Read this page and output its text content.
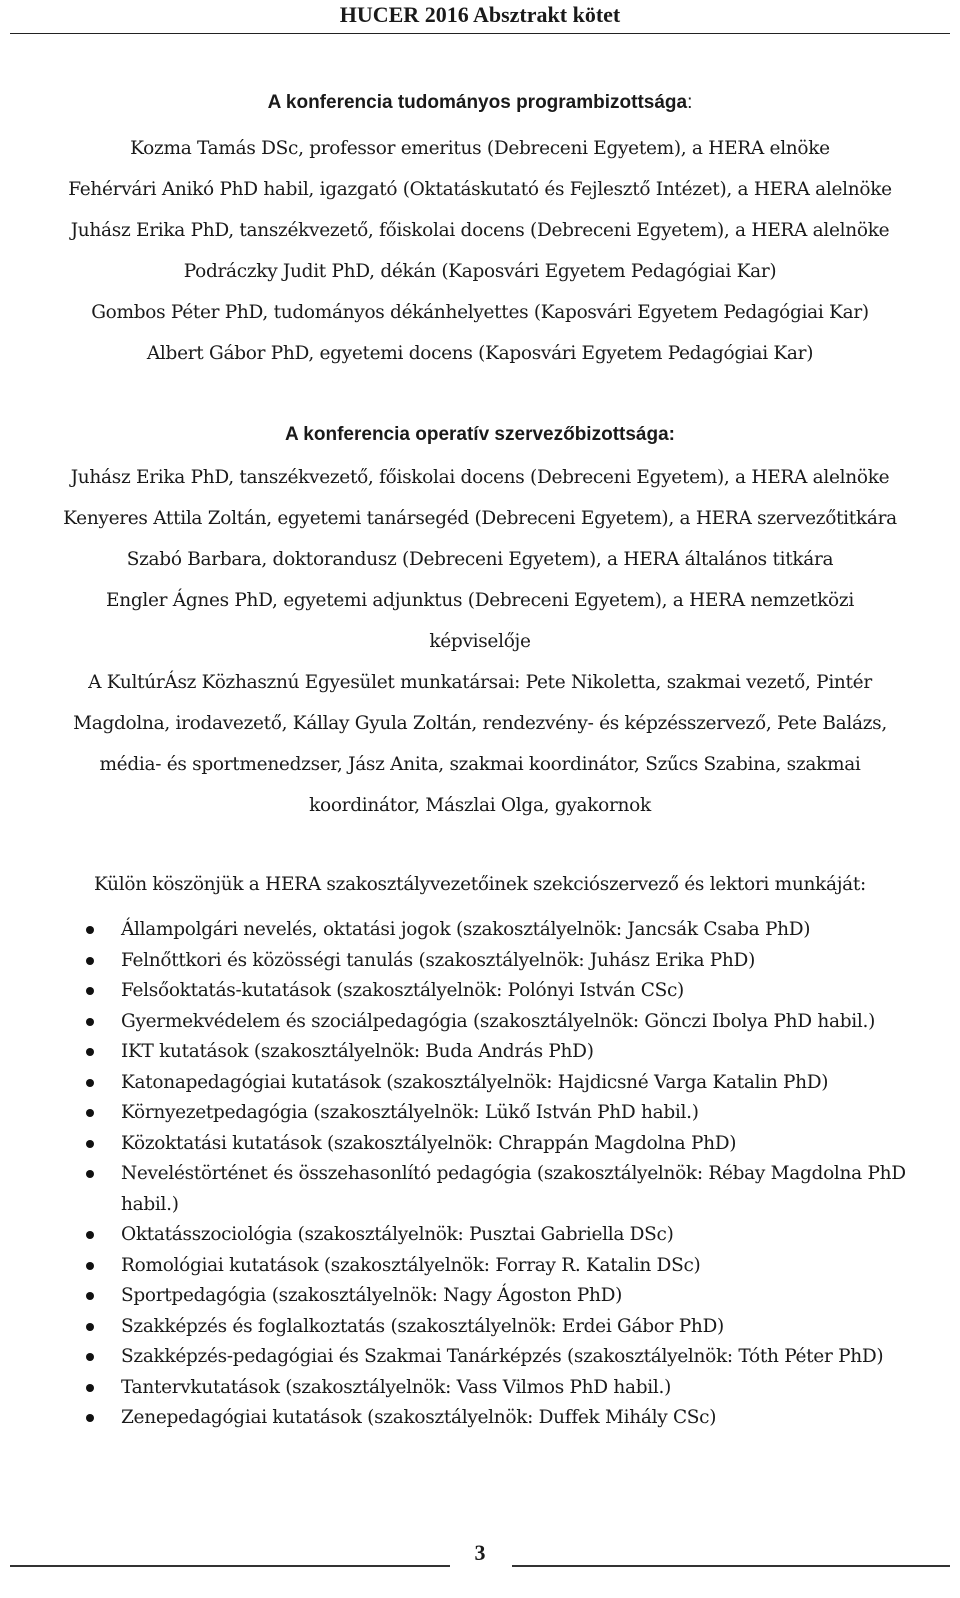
HUCER 2016 Absztrakt kötet
A konferencia tudományos programbizottsága:
Kozma Tamás DSc, professor emeritus (Debreceni Egyetem), a HERA elnöke
Fehérvári Anikó PhD habil, igazgató (Oktatáskutató és Fejlesztő Intézet), a HERA alelnöke
Juhász Erika PhD, tanszékvezető, főiskolai docens (Debreceni Egyetem), a HERA alelnöke
Podráczky Judit PhD, dékán (Kaposvári Egyetem Pedagógiai Kar)
Gombos Péter PhD, tudományos dékánhelyettes (Kaposvári Egyetem Pedagógiai Kar)
Albert Gábor PhD, egyetemi docens (Kaposvári Egyetem Pedagógiai Kar)
A konferencia operatív szervezőbizottsága:
Juhász Erika PhD, tanszékvezető, főiskolai docens (Debreceni Egyetem), a HERA alelnöke
Kenyeres Attila Zoltán, egyetemi tanársegéd (Debreceni Egyetem), a HERA szervezőtitkára
Szabó Barbara, doktorandusz (Debreceni Egyetem), a HERA általános titkára
Engler Ágnes PhD, egyetemi adjunktus (Debreceni Egyetem), a HERA nemzetközi képviselője
A KultúrÁsz Közhasznú Egyesület munkatársai: Pete Nikoletta, szakmai vezető, Pintér Magdolna, irodavezető, Kállay Gyula Zoltán, rendezvény- és képzésszervező, Pete Balázs, média- és sportmenedzser, Jász Anita, szakmai koordinátor, Szűcs Szabina, szakmai koordinátor, Mászlai Olga, gyakornok
Külön köszönjük a HERA szakosztályvezetőinek szekciószervező és lektori munkáját:
Állampolgári nevelés, oktatási jogok (szakosztályelnök: Jancsák Csaba PhD)
Felnőttkori és közösségi tanulás (szakosztályelnök: Juhász Erika PhD)
Felsőoktatás-kutatások (szakosztályelnök: Polónyi István CSc)
Gyermekvédelem és szociálpedagógia (szakosztályelnök: Gönczi Ibolya PhD habil.)
IKT kutatások (szakosztályelnök: Buda András PhD)
Katonapedagógiai kutatások (szakosztályelnök: Hajdicsné Varga Katalin PhD)
Környezetpedagógia (szakosztályelnök: Lükő István PhD habil.)
Közoktatási kutatások (szakosztályelnök: Chrappán Magdolna PhD)
Neveléstörténet és összehasonlító pedagógia (szakosztályelnök: Rébay Magdolna PhD habil.)
Oktatásszociológia (szakosztályelnök: Pusztai Gabriella DSc)
Romológiai kutatások (szakosztályelnök: Forray R. Katalin DSc)
Sportpedagógia (szakosztályelnök: Nagy Ágoston PhD)
Szakképzés és foglalkoztatás (szakosztályelnök: Erdei Gábor PhD)
Szakképzés-pedagógiai és Szakmai Tanárképzés (szakosztályelnök: Tóth Péter PhD)
Tantervkutatások (szakosztályelnök: Vass Vilmos PhD habil.)
Zenepedagógiai kutatások (szakosztályelnök: Duffek Mihály CSc)
3
